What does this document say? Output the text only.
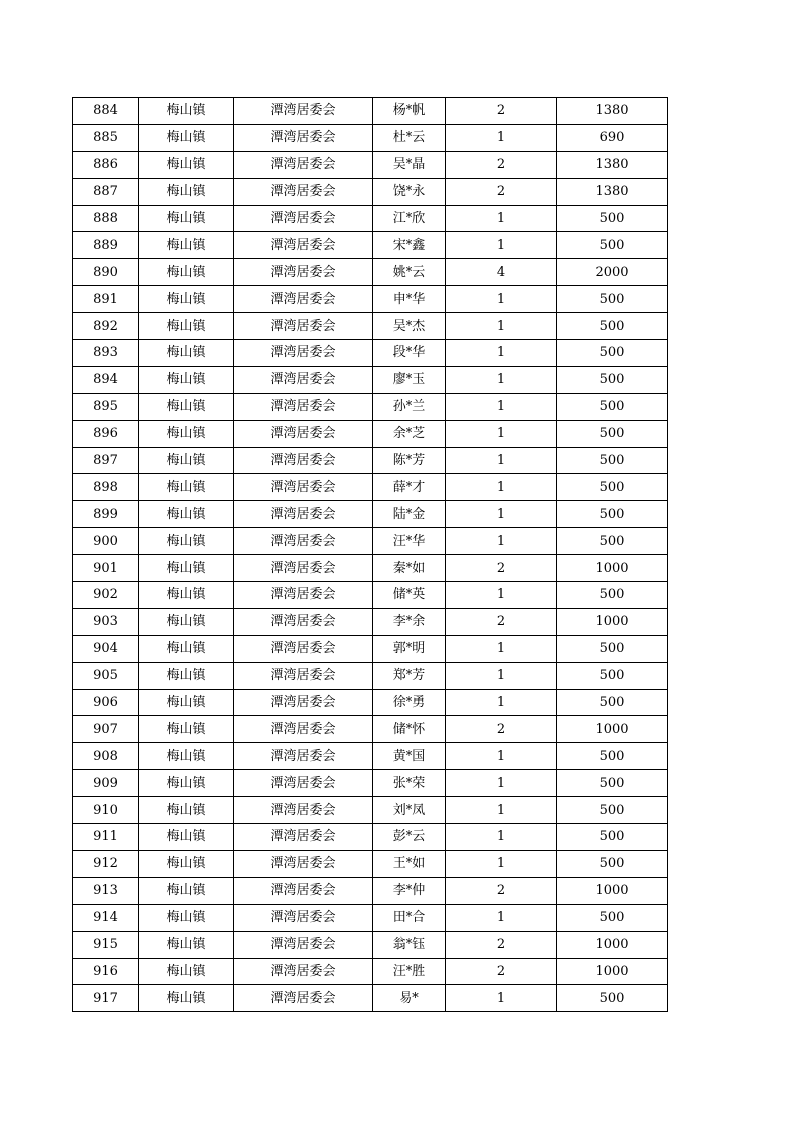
884	梅山镇	潭湾居委会	杨*帆	2	1380
885	梅山镇	潭湾居委会	杜*云	1	690
886	梅山镇	潭湾居委会	吴*晶	2	1380
887	梅山镇	潭湾居委会	饶*永	2	1380
888	梅山镇	潭湾居委会	江*欣	1	500
889	梅山镇	潭湾居委会	宋*鑫	1	500
890	梅山镇	潭湾居委会	姚*云	4	2000
891	梅山镇	潭湾居委会	申*华	1	500
892	梅山镇	潭湾居委会	吴*杰	1	500
893	梅山镇	潭湾居委会	段*华	1	500
894	梅山镇	潭湾居委会	廖*玉	1	500
895	梅山镇	潭湾居委会	孙*兰	1	500
896	梅山镇	潭湾居委会	余*芝	1	500
897	梅山镇	潭湾居委会	陈*芳	1	500
898	梅山镇	潭湾居委会	薛*才	1	500
899	梅山镇	潭湾居委会	陆*金	1	500
900	梅山镇	潭湾居委会	汪*华	1	500
901	梅山镇	潭湾居委会	秦*如	2	1000
902	梅山镇	潭湾居委会	储*英	1	500
903	梅山镇	潭湾居委会	李*余	2	1000
904	梅山镇	潭湾居委会	郭*明	1	500
905	梅山镇	潭湾居委会	郑*芳	1	500
906	梅山镇	潭湾居委会	徐*勇	1	500
907	梅山镇	潭湾居委会	储*怀	2	1000
908	梅山镇	潭湾居委会	黄*国	1	500
909	梅山镇	潭湾居委会	张*荣	1	500
910	梅山镇	潭湾居委会	刘*凤	1	500
911	梅山镇	潭湾居委会	彭*云	1	500
912	梅山镇	潭湾居委会	王*如	1	500
913	梅山镇	潭湾居委会	李*仲	2	1000
914	梅山镇	潭湾居委会	田*合	1	500
915	梅山镇	潭湾居委会	翁*钰	2	1000
916	梅山镇	潭湾居委会	汪*胜	2	1000
917	梅山镇	潭湾居委会	易*	1	500
